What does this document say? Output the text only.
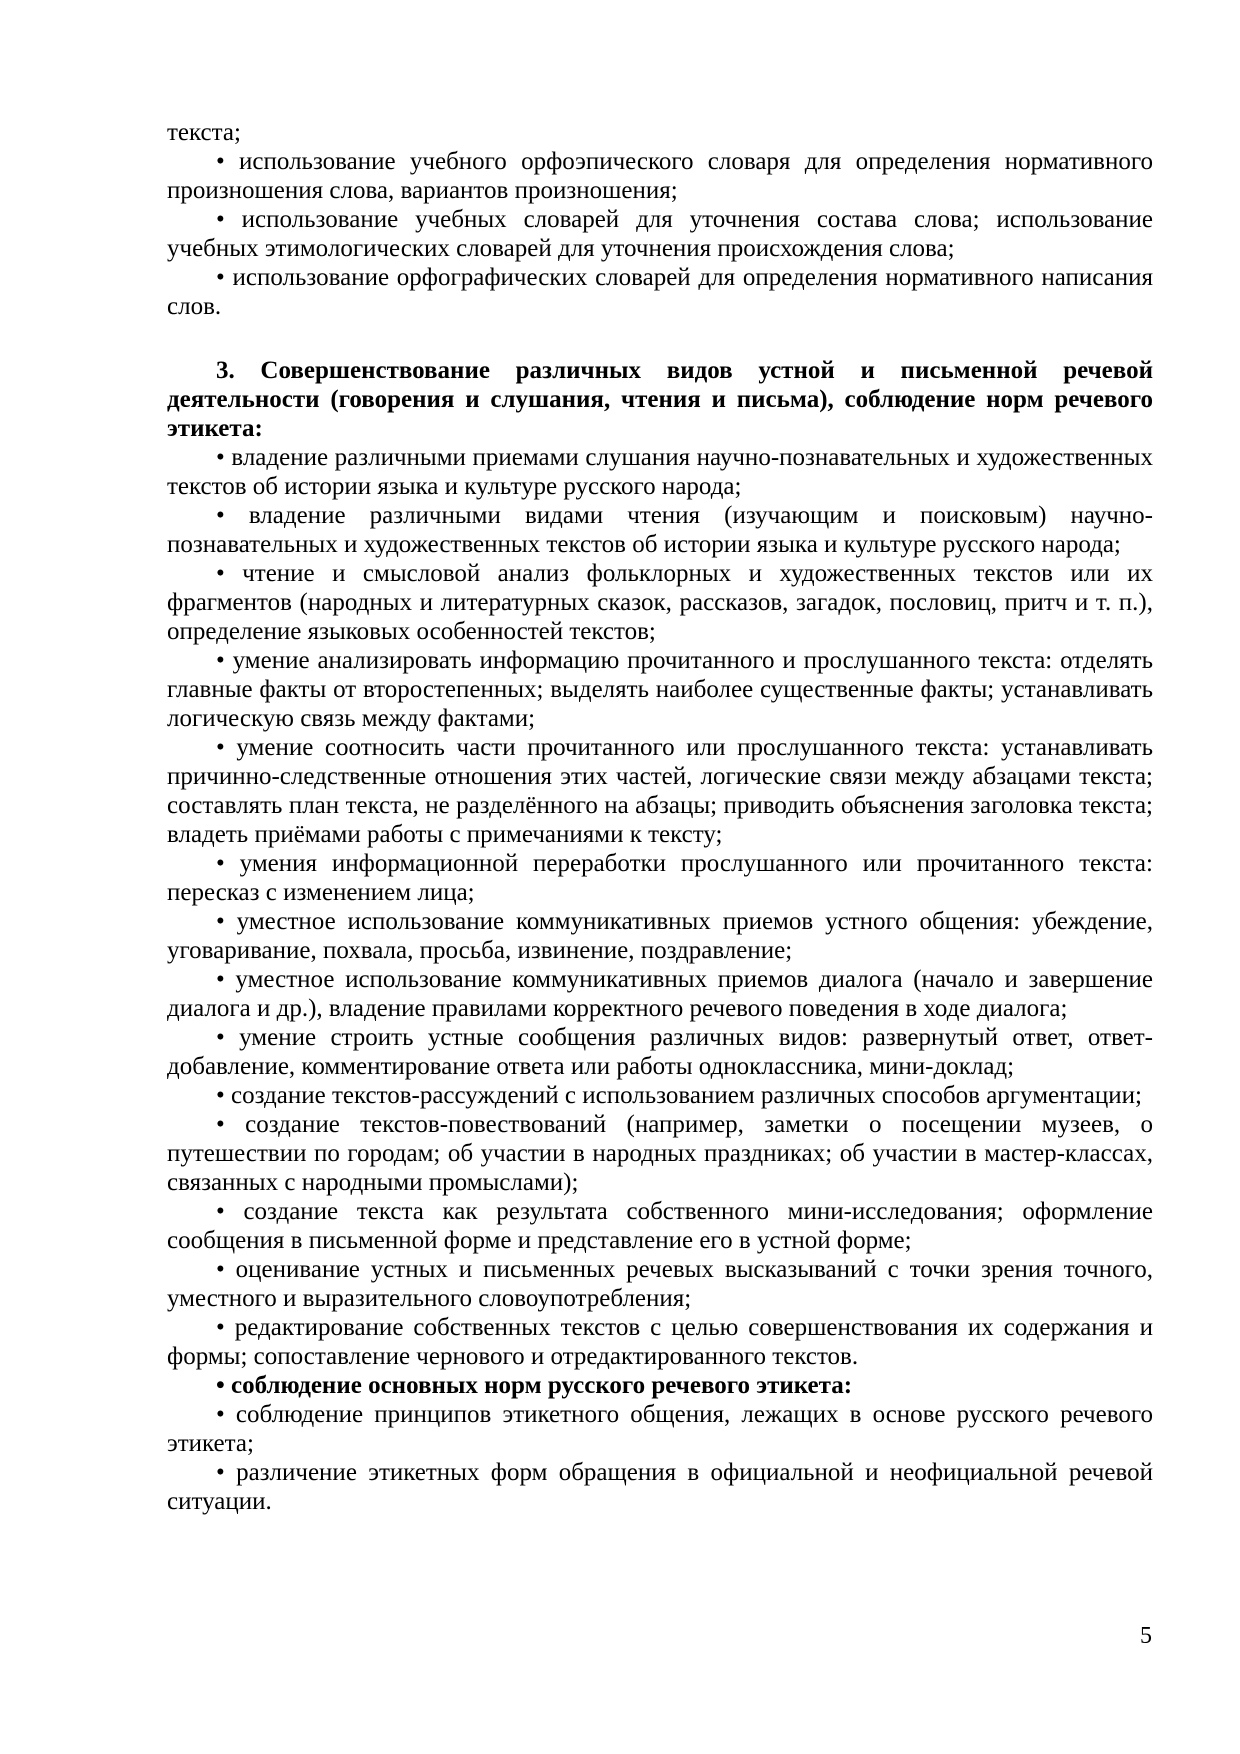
текста;

• использование учебного орфоэпического словаря для определения нормативного произношения слова, вариантов произношения;

• использование учебных словарей для уточнения состава слова; использование учебных этимологических словарей для уточнения происхождения слова;

• использование орфографических словарей для определения нормативного написания слов.

3. Совершенствование различных видов устной и письменной речевой деятельности (говорения и слушания, чтения и письма), соблюдение норм речевого этикета:

• владение различными приемами слушания научно-познавательных и художественных текстов об истории языка и культуре русского народа;

• владение различными видами чтения (изучающим и поисковым) научно-познавательных и художественных текстов об истории языка и культуре русского народа;

• чтение и смысловой анализ фольклорных и художественных текстов или их фрагментов (народных и литературных сказок, рассказов, загадок, пословиц, притч и т. п.), определение языковых особенностей текстов;

• умение анализировать информацию прочитанного и прослушанного текста: отделять главные факты от второстепенных; выделять наиболее существенные факты; устанавливать логическую связь между фактами;

• умение соотносить части прочитанного или прослушанного текста: устанавливать причинно-следственные отношения этих частей, логические связи между абзацами текста; составлять план текста, не разделённого на абзацы; приводить объяснения заголовка текста; владеть приёмами работы с примечаниями к тексту;

• умения информационной переработки прослушанного или прочитанного текста: пересказ с изменением лица;

• уместное использование коммуникативных приемов устного общения: убеждение, уговаривание, похвала, просьба, извинение, поздравление;

• уместное использование коммуникативных приемов диалога (начало и завершение диалога и др.), владение правилами корректного речевого поведения в ходе диалога;

• умение строить устные сообщения различных видов: развернутый ответ, ответ-добавление, комментирование ответа или работы одноклассника, мини-доклад;

• создание текстов-рассуждений с использованием различных способов аргументации;

• создание текстов-повествований (например, заметки о посещении музеев, о путешествии по городам; об участии в народных праздниках; об участии в мастер-классах, связанных с народными промыслами);

• создание текста как результата собственного мини-исследования; оформление сообщения в письменной форме и представление его в устной форме;

• оценивание устных и письменных речевых высказываний с точки зрения точного, уместного и выразительного словоупотребления;

• редактирование собственных текстов с целью совершенствования их содержания и формы; сопоставление чернового и отредактированного текстов.

• соблюдение основных норм русского речевого этикета:

• соблюдение принципов этикетного общения, лежащих в основе русского речевого этикета;

• различение этикетных форм обращения в официальной и неофициальной речевой ситуации.

5
